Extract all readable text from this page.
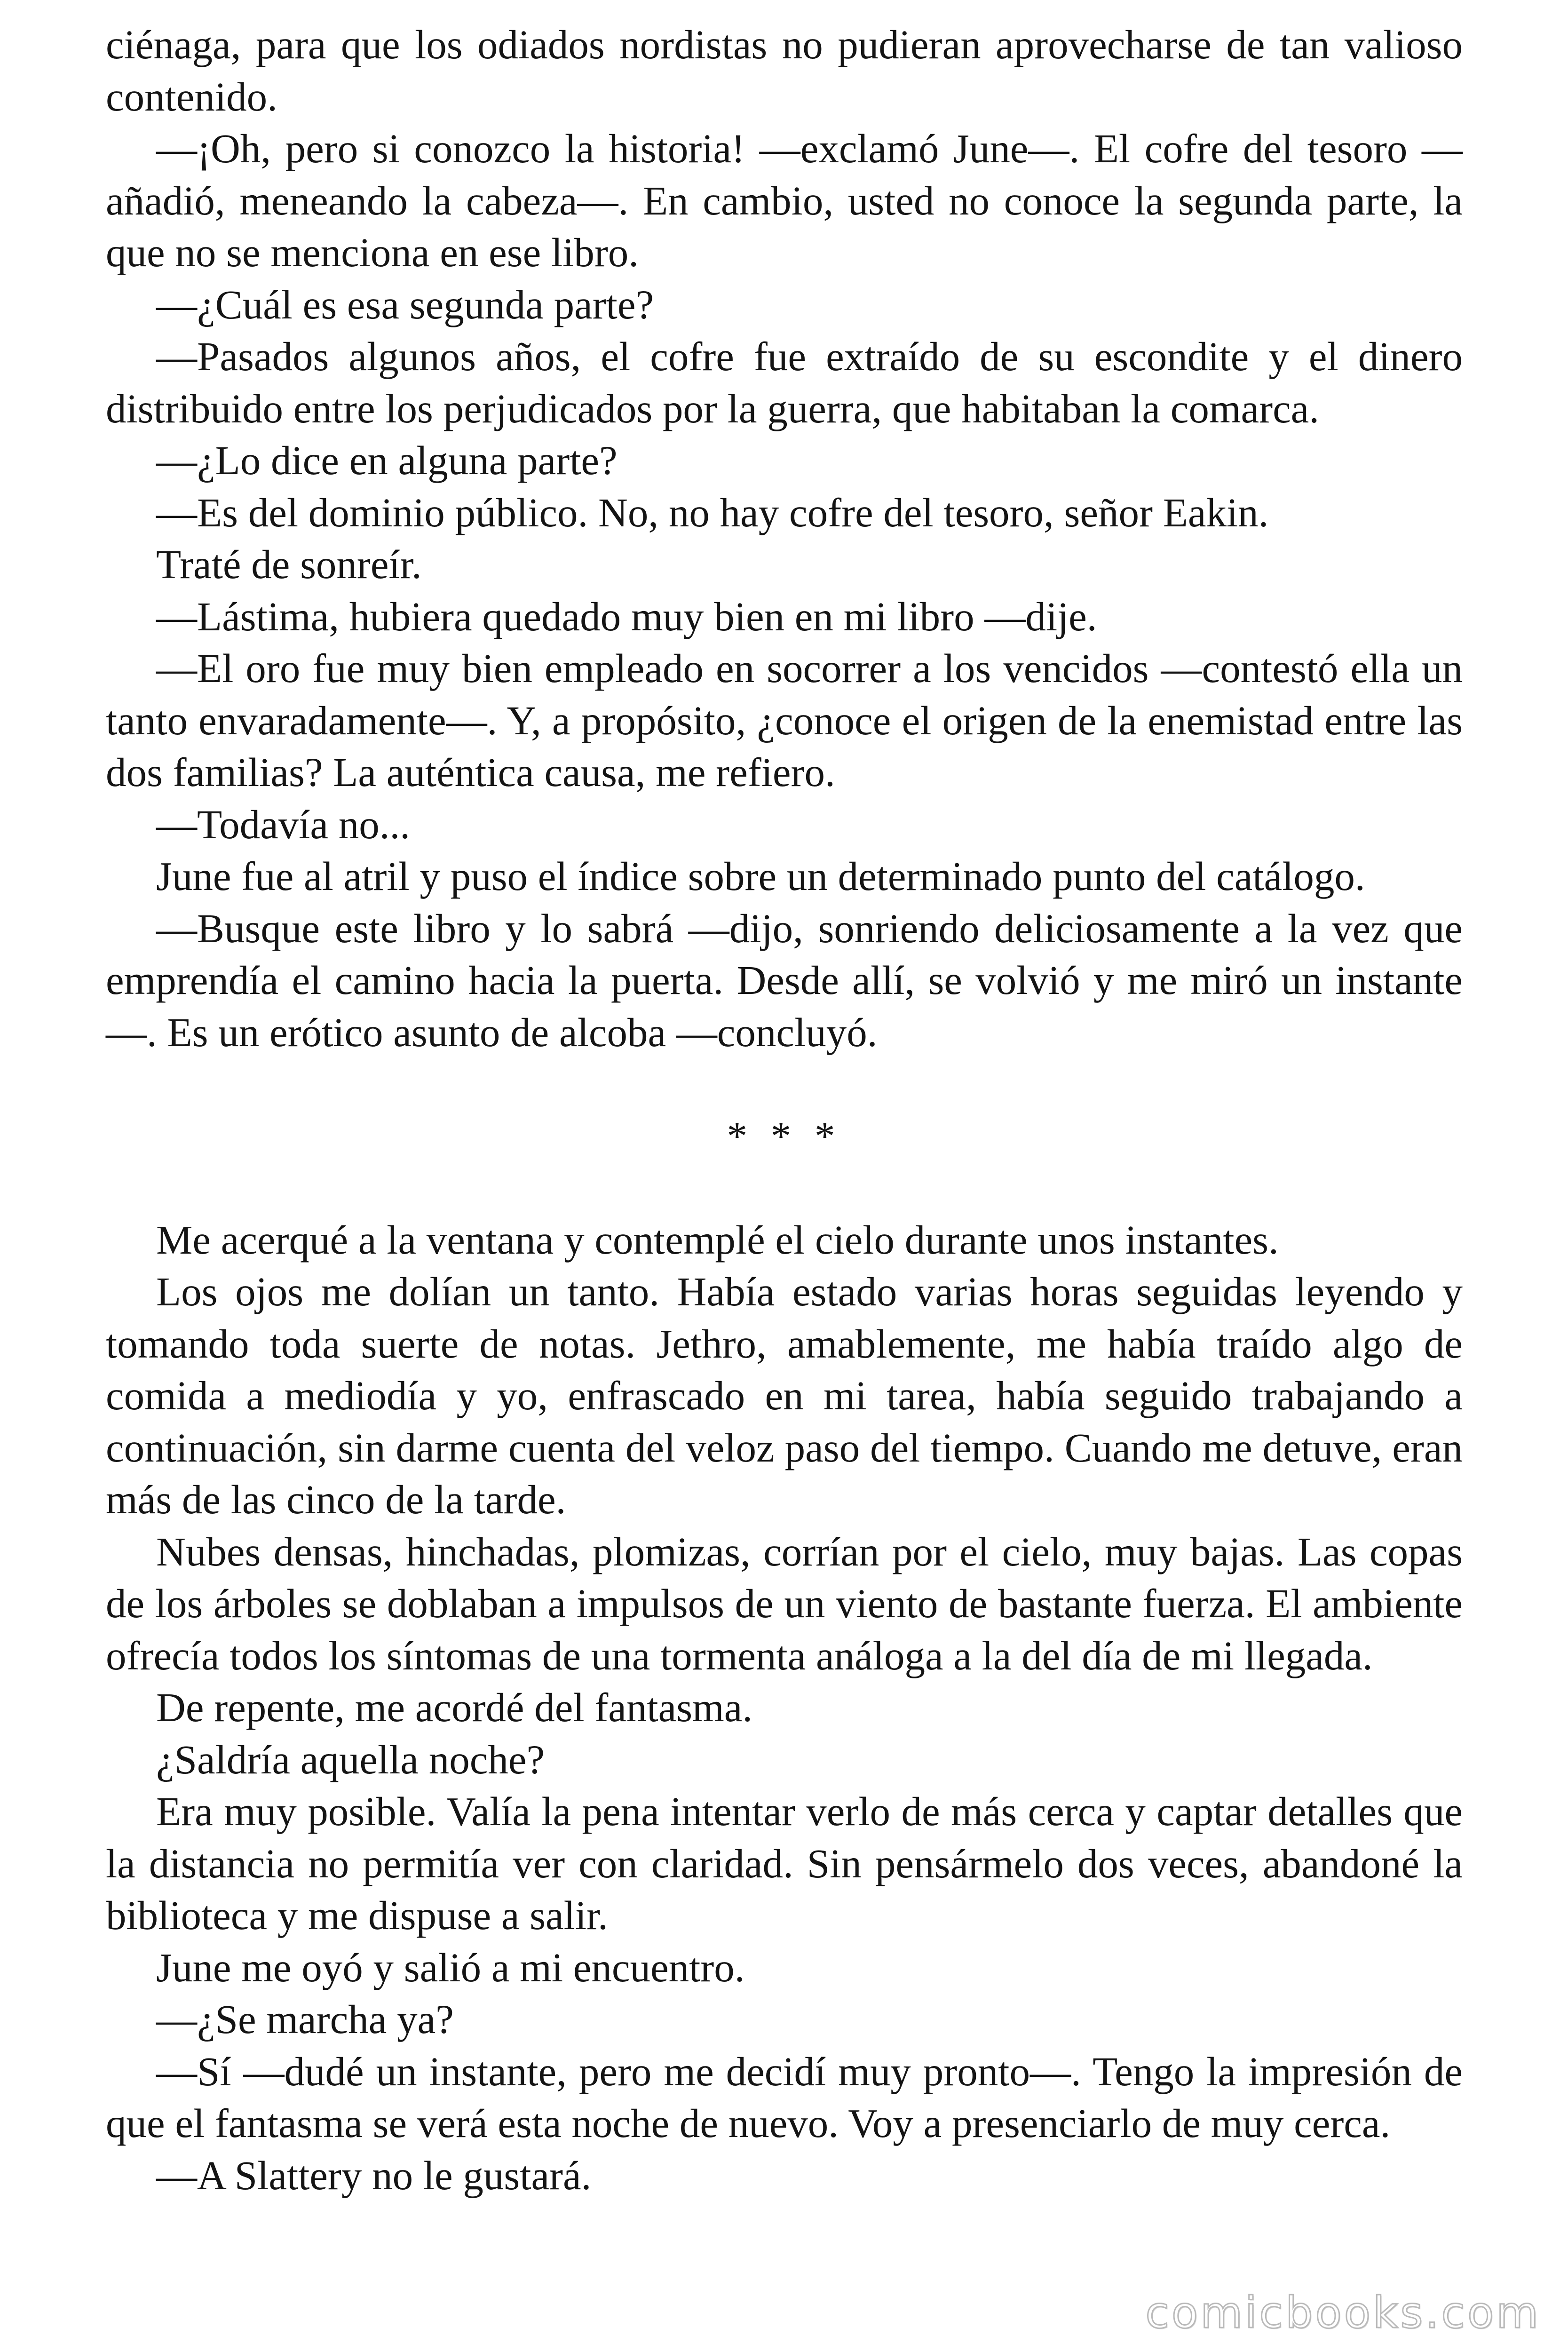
ciénaga, para que los odiados nordistas no pudieran aprovecharse de tan valioso contenido.

—¡Oh, pero si conozco la historia! —exclamó June—. El cofre del tesoro —añadió, meneando la cabeza—. En cambio, usted no conoce la segunda parte, la que no se menciona en ese libro.

—¿Cuál es esa segunda parte?

—Pasados algunos años, el cofre fue extraído de su escondite y el dinero distribuido entre los perjudicados por la guerra, que habitaban la comarca.

—¿Lo dice en alguna parte?

—Es del dominio público. No, no hay cofre del tesoro, señor Eakin.

Traté de sonreír.

—Lástima, hubiera quedado muy bien en mi libro —dije.

—El oro fue muy bien empleado en socorrer a los vencidos —contestó ella un tanto envaradamente—. Y, a propósito, ¿conoce el origen de la enemistad entre las dos familias? La auténtica causa, me refiero.

—Todavía no...

June fue al atril y puso el índice sobre un determinado punto del catálogo.

—Busque este libro y lo sabrá —dijo, sonriendo deliciosamente a la vez que emprendía el camino hacia la puerta. Desde allí, se volvió y me miró un instante—. Es un erótico asunto de alcoba —concluyó.

* * *

Me acerqué a la ventana y contemplé el cielo durante unos instantes.

Los ojos me dolían un tanto. Había estado varias horas seguidas leyendo y tomando toda suerte de notas. Jethro, amablemente, me había traído algo de comida a mediodía y yo, enfrascado en mi tarea, había seguido trabajando a continuación, sin darme cuenta del veloz paso del tiempo. Cuando me detuve, eran más de las cinco de la tarde.

Nubes densas, hinchadas, plomizas, corrían por el cielo, muy bajas. Las copas de los árboles se doblaban a impulsos de un viento de bastante fuerza. El ambiente ofrecía todos los síntomas de una tormenta análoga a la del día de mi llegada.

De repente, me acordé del fantasma.

¿Saldría aquella noche?

Era muy posible. Valía la pena intentar verlo de más cerca y captar detalles que la distancia no permitía ver con claridad. Sin pensármelo dos veces, abandoné la biblioteca y me dispuse a salir.

June me oyó y salió a mi encuentro.

—¿Se marcha ya?

—Sí —dudé un instante, pero me decidí muy pronto—. Tengo la impresión de que el fantasma se verá esta noche de nuevo. Voy a presenciarlo de muy cerca.

—A Slattery no le gustará.

comicbooks.com
